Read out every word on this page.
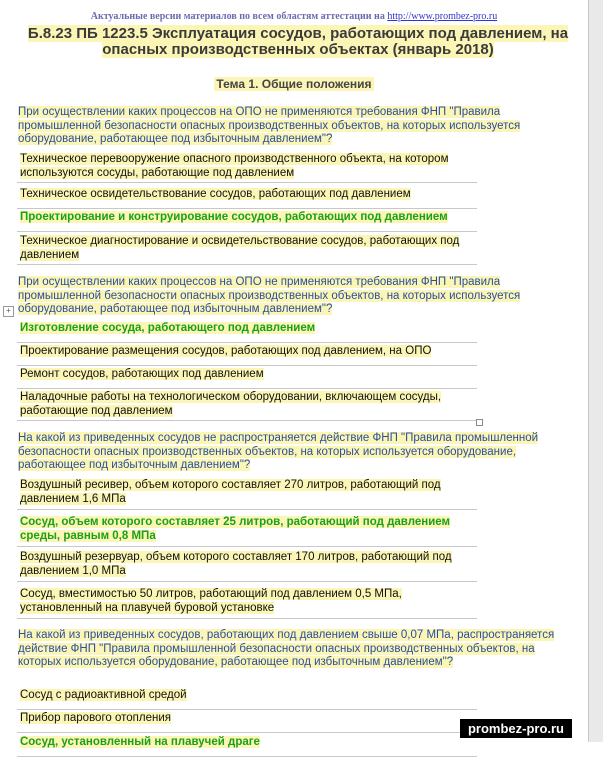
Актуальные версии материалов по всем областям аттестации на http://www.prombez-pro.ru
Б.8.23 ПБ 1223.5 Эксплуатация сосудов, работающих под давлением, на опасных производственных объектах (январь 2018)
Тема 1. Общие положения
При осуществлении каких процессов на ОПО не применяются требования ФНП "Правила промышленной безопасности опасных производственных объектов, на которых используется оборудование, работающее под избыточным давлением"?
Техническое перевооружение опасного производственного объекта, на котором используются сосуды, работающие под давлением
Техническое освидетельствование сосудов, работающих под давлением
Проектирование и конструирование сосудов, работающих под давлением
Техническое диагностирование и освидетельствование сосудов, работающих под давлением
+
При осуществлении каких процессов на ОПО не применяются требования ФНП "Правила промышленной безопасности опасных производственных объектов, на которых используется оборудование, работающее под избыточным давлением"?
Изготовление сосуда, работающего под давлением
Проектирование размещения сосудов, работающих под давлением, на ОПО
Ремонт сосудов, работающих под давлением
Наладочные работы на технологическом оборудовании, включающем сосуды, работающие под давлением
На какой из приведенных сосудов не распространяется действие ФНП "Правила промышленной безопасности опасных производственных объектов, на которых используется оборудование, работающее под избыточным давлением"?
Воздушный ресивер, объем которого составляет 270 литров, работающий под давлением 1,6 МПа
Сосуд, объем которого составляет 25 литров, работающий под давлением среды, равным 0,8 МПа
Воздушный резервуар, объем которого составляет 170 литров, работающий под давлением 1,0 МПа
Сосуд, вместимостью 50 литров, работающий под давлением 0,5 МПа, установленный на плавучей буровой установке
На какой из приведенных сосудов, работающих под давлением свыше 0,07 МПа, распространяется действие ФНП "Правила промышленной безопасности опасных производственных объектов, на которых используется оборудование, работающее под избыточным давлением"?
Сосуд с радиоактивной средой
Прибор парового отопления
Сосуд, установленный на плавучей драге
prombez-pro.ru
